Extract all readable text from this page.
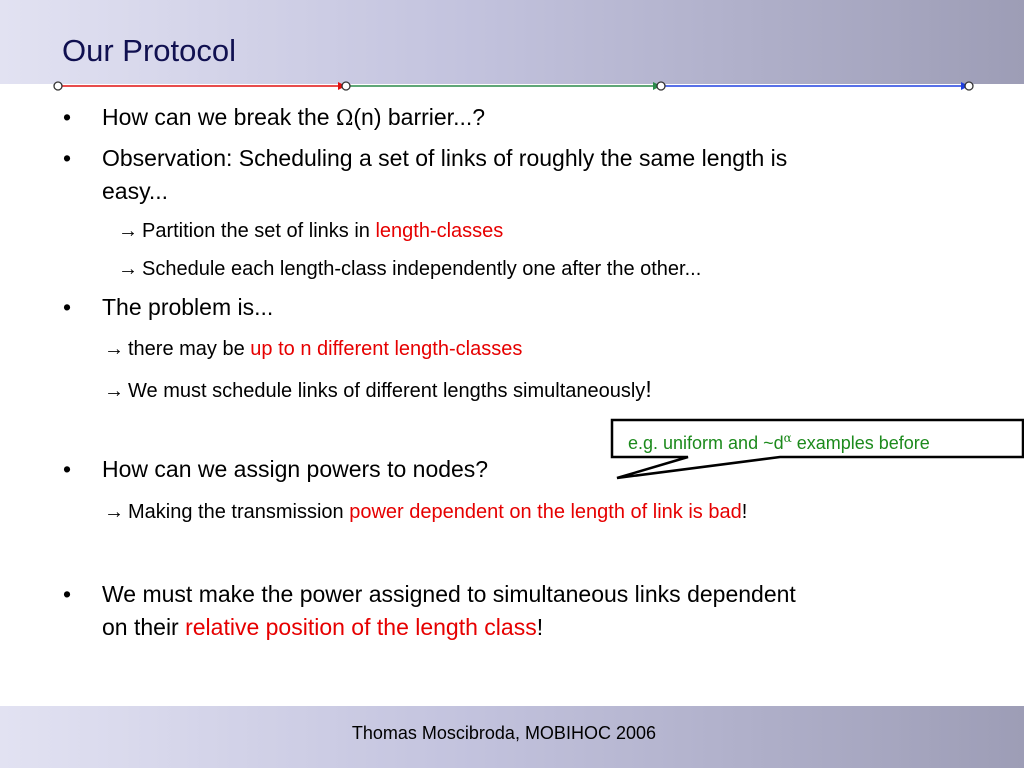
Our Protocol
• How can we break the Ω(n) barrier...?
• Observation: Scheduling a set of links of roughly the same length is
easy...
→ Partition the set of links in length-classes
→ Schedule each length-class independently one after the other...
• The problem is...
→ there may be up to n different length-classes
→ We must schedule links of different lengths simultaneously!
• How can we assign powers to nodes?
→ Making the transmission power dependent on the length of link is bad!
• We must make the power assigned to simultaneous links dependent
on their relative position of the length class!
e.g. uniform and $\sim d^\alpha$ examples before
Thomas Moscibroda, MOBIHOC 2006
